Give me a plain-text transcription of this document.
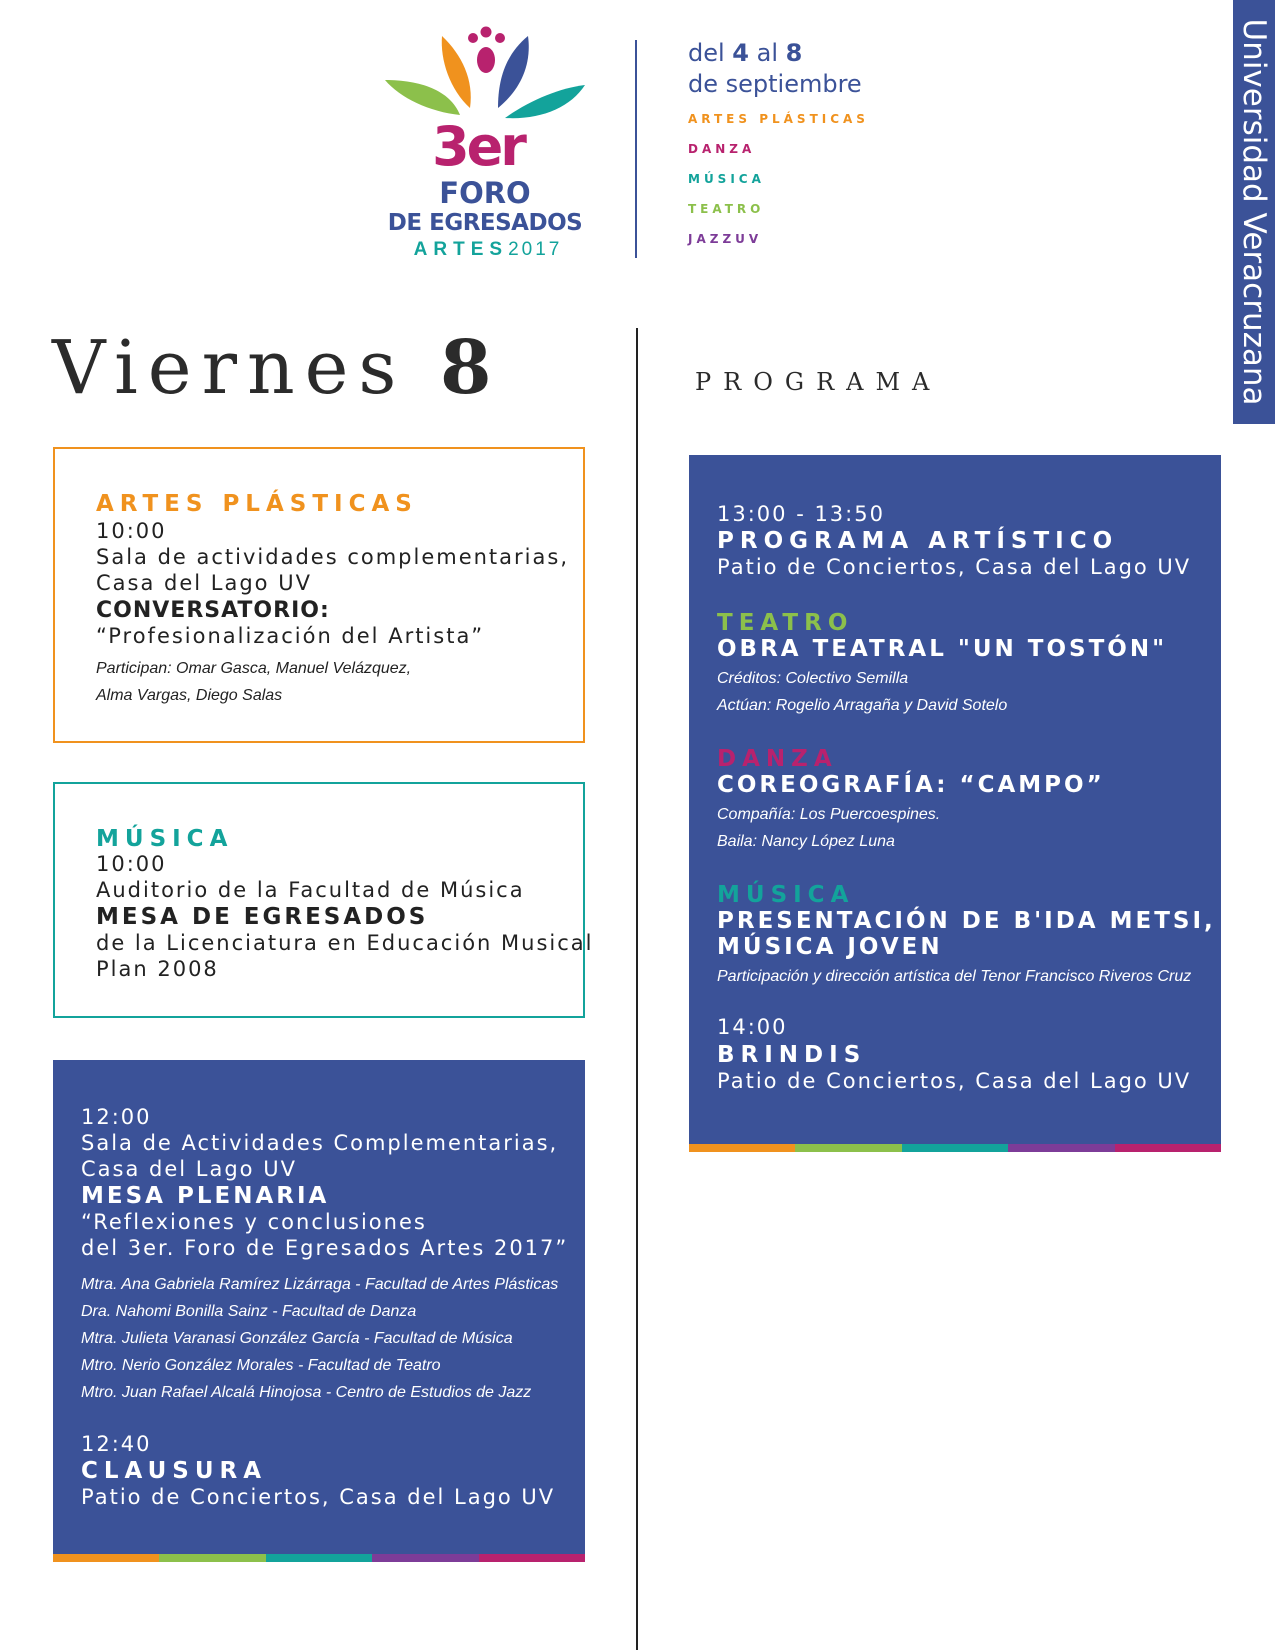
Universidad Veracruzana
3er
FORO
DE EGRESADOS
ARTES2017
del 4 al 8
de septiembre
ARTES PLÁSTICAS
DANZA
MÚSICA
TEATRO
JAZZUV
Viernes 8	PROGRAMA
ARTES PLÁSTICAS
10:00
Sala de actividades complementarias,
Casa del Lago UV
CONVERSATORIO:
“Profesionalización del Artista”
Participan: Omar Gasca, Manuel Velázquez,
Alma Vargas, Diego Salas
MÚSICA
10:00
Auditorio de la Facultad de Música
MESA DE EGRESADOS
de la Licenciatura en Educación Musical
Plan 2008
12:00
Sala de Actividades Complementarias,
Casa del Lago UV
MESA PLENARIA
“Reflexiones y conclusiones
del 3er. Foro de Egresados Artes 2017”
Mtra. Ana Gabriela Ramírez Lizárraga - Facultad de Artes Plásticas
Dra. Nahomi Bonilla Sainz - Facultad de Danza
Mtra. Julieta Varanasi González García - Facultad de Música
Mtro. Nerio González Morales - Facultad de Teatro
Mtro. Juan Rafael Alcalá Hinojosa - Centro de Estudios de Jazz
12:40
CLAUSURA
Patio de Conciertos, Casa del Lago UV
13:00 - 13:50
PROGRAMA ARTÍSTICO
Patio de Conciertos, Casa del Lago UV
TEATRO
OBRA TEATRAL "UN TOSTÓN"
Créditos: Colectivo Semilla
Actúan: Rogelio Arragaña y David Sotelo
DANZA
COREOGRAFÍA: “CAMPO”
Compañía: Los Puercoespines.
Baila: Nancy López Luna
MÚSICA
PRESENTACIÓN DE B'IDA METSI,
MÚSICA JOVEN
Participación y dirección artística del Tenor Francisco Riveros Cruz
14:00
BRINDIS
Patio de Conciertos, Casa del Lago UV
